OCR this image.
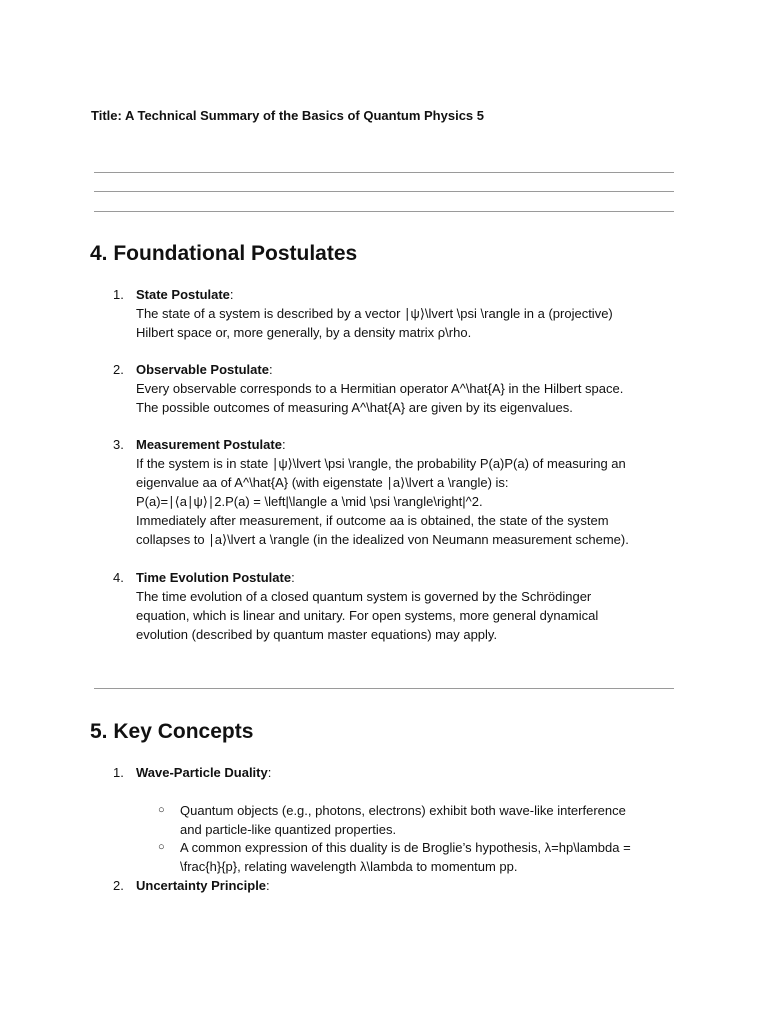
Title: A Technical Summary of the Basics of Quantum Physics 5
4. Foundational Postulates
1. State Postulate:
The state of a system is described by a vector ∣ψ⟩\lvert \psi \rangle in a (projective)
Hilbert space or, more generally, by a density matrix ρ\rho.
2. Observable Postulate:
Every observable corresponds to a Hermitian operator A^\hat{A} in the Hilbert space.
The possible outcomes of measuring A^\hat{A} are given by its eigenvalues.
3. Measurement Postulate:
If the system is in state ∣ψ⟩\lvert \psi \rangle, the probability P(a)P(a) of measuring an
eigenvalue aa of A^\hat{A} (with eigenstate ∣a⟩\lvert a \rangle) is:
P(a)=∣⟨a∣ψ⟩∣2.P(a) = \left|\langle a \mid \psi \rangle\right|^2.
Immediately after measurement, if outcome aa is obtained, the state of the system
collapses to ∣a⟩\lvert a \rangle (in the idealized von Neumann measurement scheme).
4. Time Evolution Postulate:
The time evolution of a closed quantum system is governed by the Schrödinger
equation, which is linear and unitary. For open systems, more general dynamical
evolution (described by quantum master equations) may apply.
5. Key Concepts
1. Wave-Particle Duality:
○ Quantum objects (e.g., photons, electrons) exhibit both wave-like interference
and particle-like quantized properties.
○ A common expression of this duality is de Broglie’s hypothesis, λ=hp\lambda =
\frac{h}{p}, relating wavelength λ\lambda to momentum pp.
2. Uncertainty Principle:
